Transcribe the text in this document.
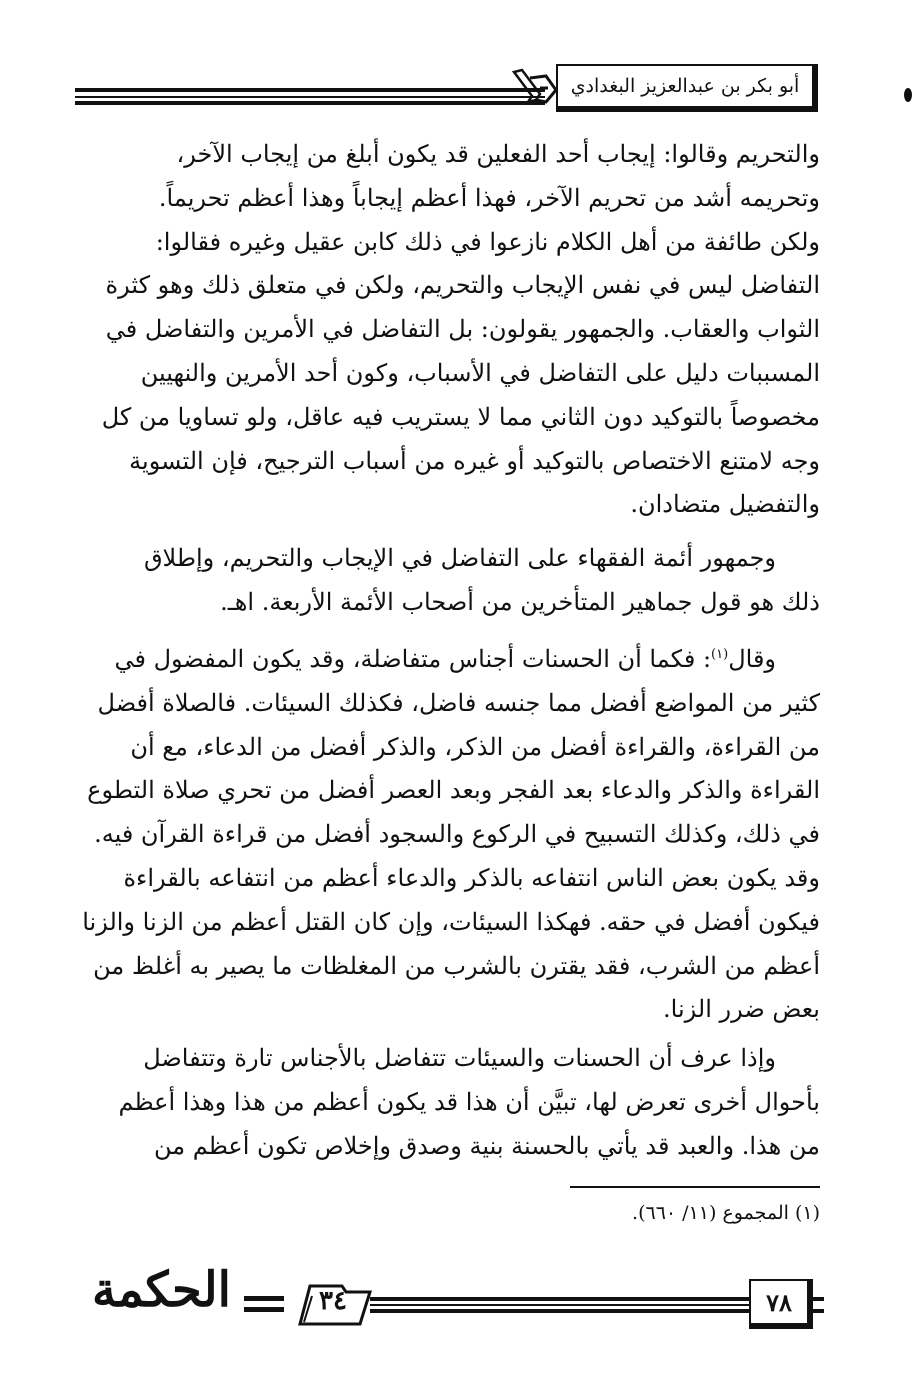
أبو بكر بن عبدالعزيز البغدادي
والتحريم وقالوا: إيجاب أحد الفعلين قد يكون أبلغ من إيجاب الآخر،
وتحريمه أشد من تحريم الآخر، فهذا أعظم إيجاباً وهذا أعظم تحريماً.
ولكن طائفة من أهل الكلام نازعوا في ذلك كابن عقيل وغيره فقالوا:
التفاضل ليس في نفس الإيجاب والتحريم، ولكن في متعلق ذلك وهو كثرة
الثواب والعقاب. والجمهور يقولون: بل التفاضل في الأمرين والتفاضل في
المسببات دليل على التفاضل في الأسباب، وكون أحد الأمرين والنهيين
مخصوصاً بالتوكيد دون الثاني مما لا يستريب فيه عاقل، ولو تساويا من كل
وجه لامتنع الاختصاص بالتوكيد أو غيره من أسباب الترجيح، فإن التسوية
والتفضيل متضادان.
وجمهور أئمة الفقهاء على التفاضل في الإيجاب والتحريم، وإطلاق
ذلك هو قول جماهير المتأخرين من أصحاب الأئمة الأربعة. اهـ.
وقال$^{(١)}$: فكما أن الحسنات أجناس متفاضلة، وقد يكون المفضول في
كثير من المواضع أفضل مما جنسه فاضل، فكذلك السيئات. فالصلاة أفضل
من القراءة، والقراءة أفضل من الذكر، والذكر أفضل من الدعاء، مع أن
القراءة والذكر والدعاء بعد الفجر وبعد العصر أفضل من تحري صلاة التطوع
في ذلك، وكذلك التسبيح في الركوع والسجود أفضل من قراءة القرآن فيه.
وقد يكون بعض الناس انتفاعه بالذكر والدعاء أعظم من انتفاعه بالقراءة
فيكون أفضل في حقه. فهكذا السيئات، وإن كان القتل أعظم من الزنا والزنا
أعظم من الشرب، فقد يقترن بالشرب من المغلظات ما يصير به أغلظ من
بعض ضرر الزنا.
وإذا عرف أن الحسنات والسيئات تتفاضل بالأجناس تارة وتتفاضل
بأحوال أخرى تعرض لها، تبيَّن أن هذا قد يكون أعظم من هذا وهذا أعظم
من هذا. والعبد قد يأتي بالحسنة بنية وصدق وإخلاص تكون أعظم من
(١) المجموع (١١/ ٦٦٠).
٧٨
٣٤
الحكمة
